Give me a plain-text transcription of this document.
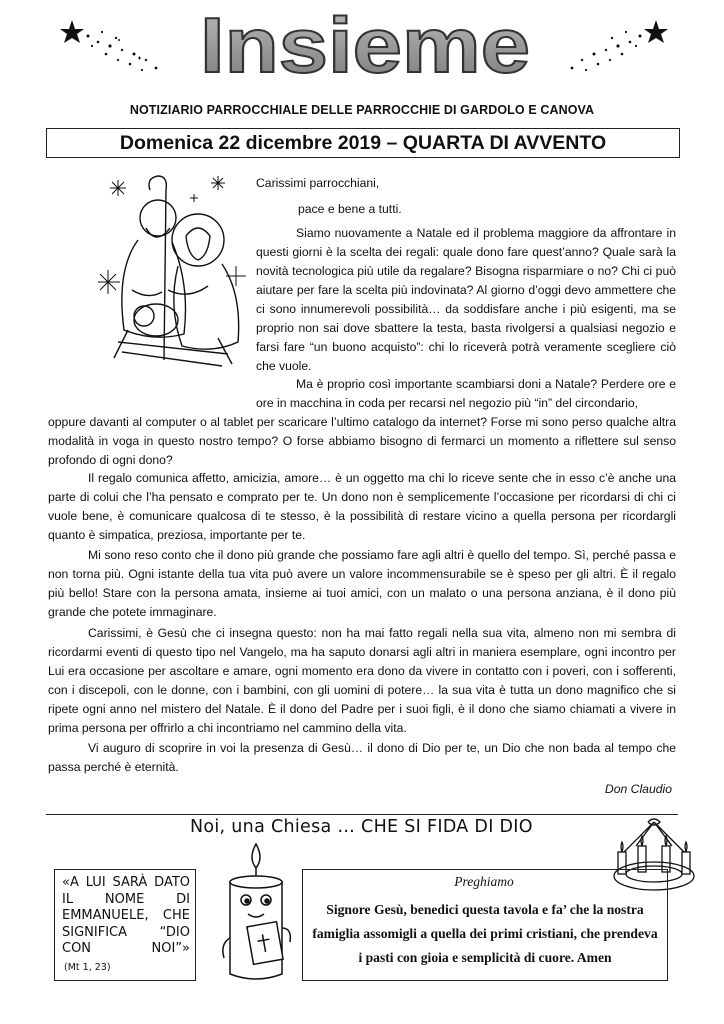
Insieme
NOTIZIARIO PARROCCHIALE DELLE PARROCCHIE DI GARDOLO E CANOVA
Domenica 22 dicembre 2019 – QUARTA DI AVVENTO
Carissimi parrocchiani,
pace e bene a tutti.

Siamo nuovamente a Natale ed il problema maggiore da affrontare in questi giorni è la scelta dei regali: quale dono fare quest’anno? Quale sarà la novità tecnologica più utile da regalare? Bisogna risparmiare o no? Chi ci può aiutare per fare la scelta più indovinata? Al giorno d’oggi devo ammettere che ci sono innumerevoli possibilità… da soddisfare anche i più esigenti, ma se proprio non sai dove sbattere la testa, basta rivolgersi a qualsiasi negozio e farsi fare “un buono acquisto”: chi lo riceverà potrà veramente scegliere ciò che vuole.

Ma è proprio così importante scambiarsi doni a Natale? Perdere ore e ore in macchina in coda per recarsi nel negozio più “in” del circondario,

oppure davanti al computer o al tablet per scaricare l’ultimo catalogo da internet? Forse mi sono perso qualche altra modalità in voga in questo nostro tempo? O forse abbiamo bisogno di fermarci un momento a riflettere sul senso profondo di ogni dono?

Il regalo comunica affetto, amicizia, amore… è un oggetto ma chi lo riceve sente che in esso c’è anche una parte di colui che l’ha pensato e comprato per te. Un dono non è semplicemente l’occasione per ricordarsi di chi ci vuole bene, è comunicare qualcosa di te stesso, è la possibilità di restare vicino a quella persona per ricordargli quanto è simpatica, preziosa, importante per te.

Mi sono reso conto che il dono più grande che possiamo fare agli altri è quello del tempo. Sì, perché passa e non torna più. Ogni istante della tua vita può avere un valore incommensurabile se è speso per gli altri. È il regalo più bello! Stare con la persona amata, insieme ai tuoi amici, con un malato o una persona anziana, è il dono più grande che potete immaginare.

Carissimi, è Gesù che ci insegna questo: non ha mai fatto regali nella sua vita, almeno non mi sembra di ricordarmi eventi di questo tipo nel Vangelo, ma ha saputo donarsi agli altri in maniera esemplare, ogni incontro per Lui era occasione per ascoltare e amare, ogni momento era dono da vivere in contatto con i poveri, con i sofferenti, con i discepoli, con le donne, con i bambini, con gli uomini di potere… la sua vita è tutta un dono magnifico che si ripete ogni anno nel mistero del Natale. È il dono del Padre per i suoi figli, è il dono che siamo chiamati a vivere in prima persona per offrirlo a chi incontriamo nel cammino della vita.

Vi auguro di scoprire in voi la presenza di Gesù… il dono di Dio per te, un Dio che non bada al tempo che passa perché è eternità.

Don Claudio
Noi, una Chiesa … CHE SI FIDA DI DIO
«A LUI SARÀ DATO IL NOME DI EMMANUELE, CHE SIGNIFICA “DIO CON NOI”»
(Mt 1, 23)
Preghiamo
Signore Gesù, benedici questa tavola e fa’ che la nostra famiglia assomigli a quella dei primi cristiani, che prendeva i pasti con gioia e semplicità di cuore. Amen
